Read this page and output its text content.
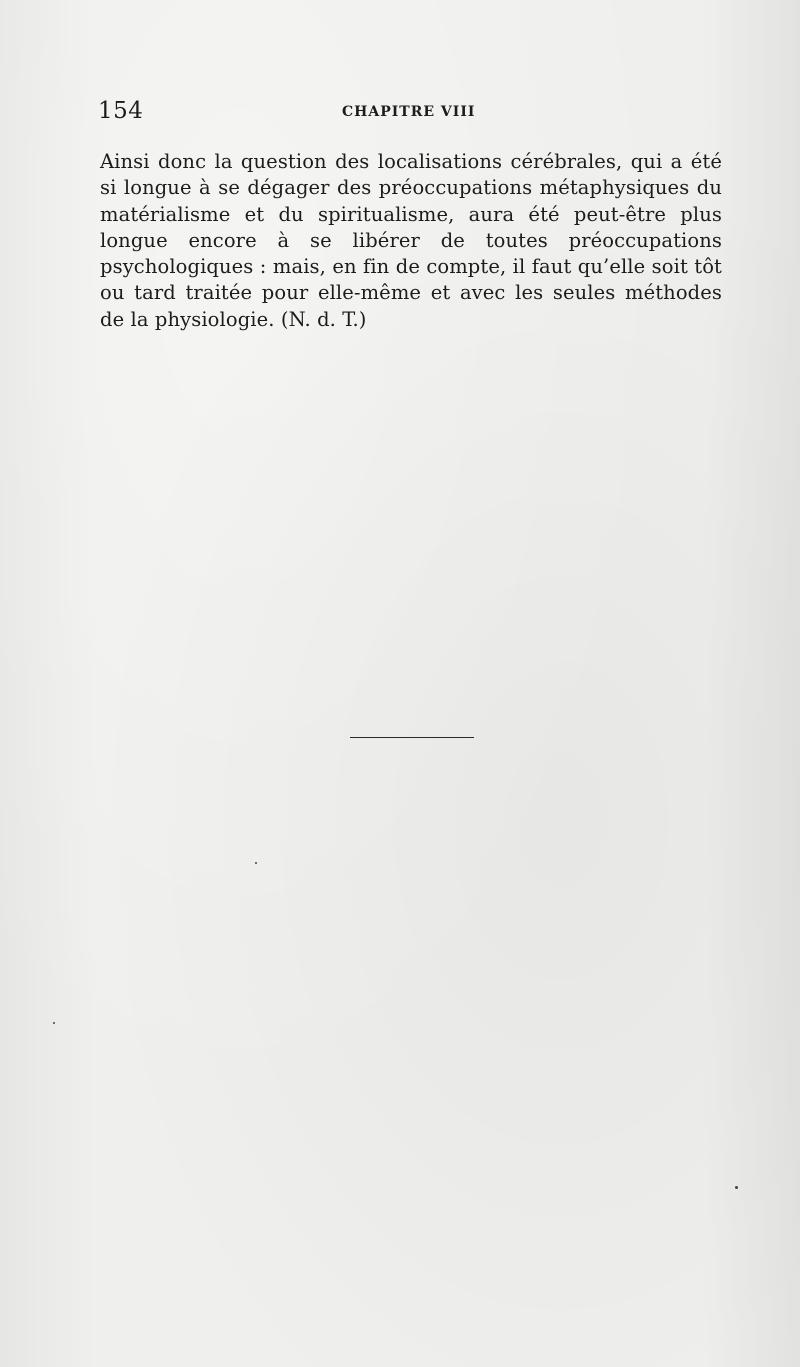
154	CHAPITRE VIII

Ainsi donc la question des localisations cérébrales, qui a été si longue à se dégager des préoccupations métaphysiques du matérialisme et du spiritualisme, aura été peut-être plus longue encore à se libérer de toutes préoccupations psychologiques : mais, en fin de compte, il faut qu’elle soit tôt ou tard traitée pour elle-même et avec les seules méthodes de la physiologie. (N. d. T.)
